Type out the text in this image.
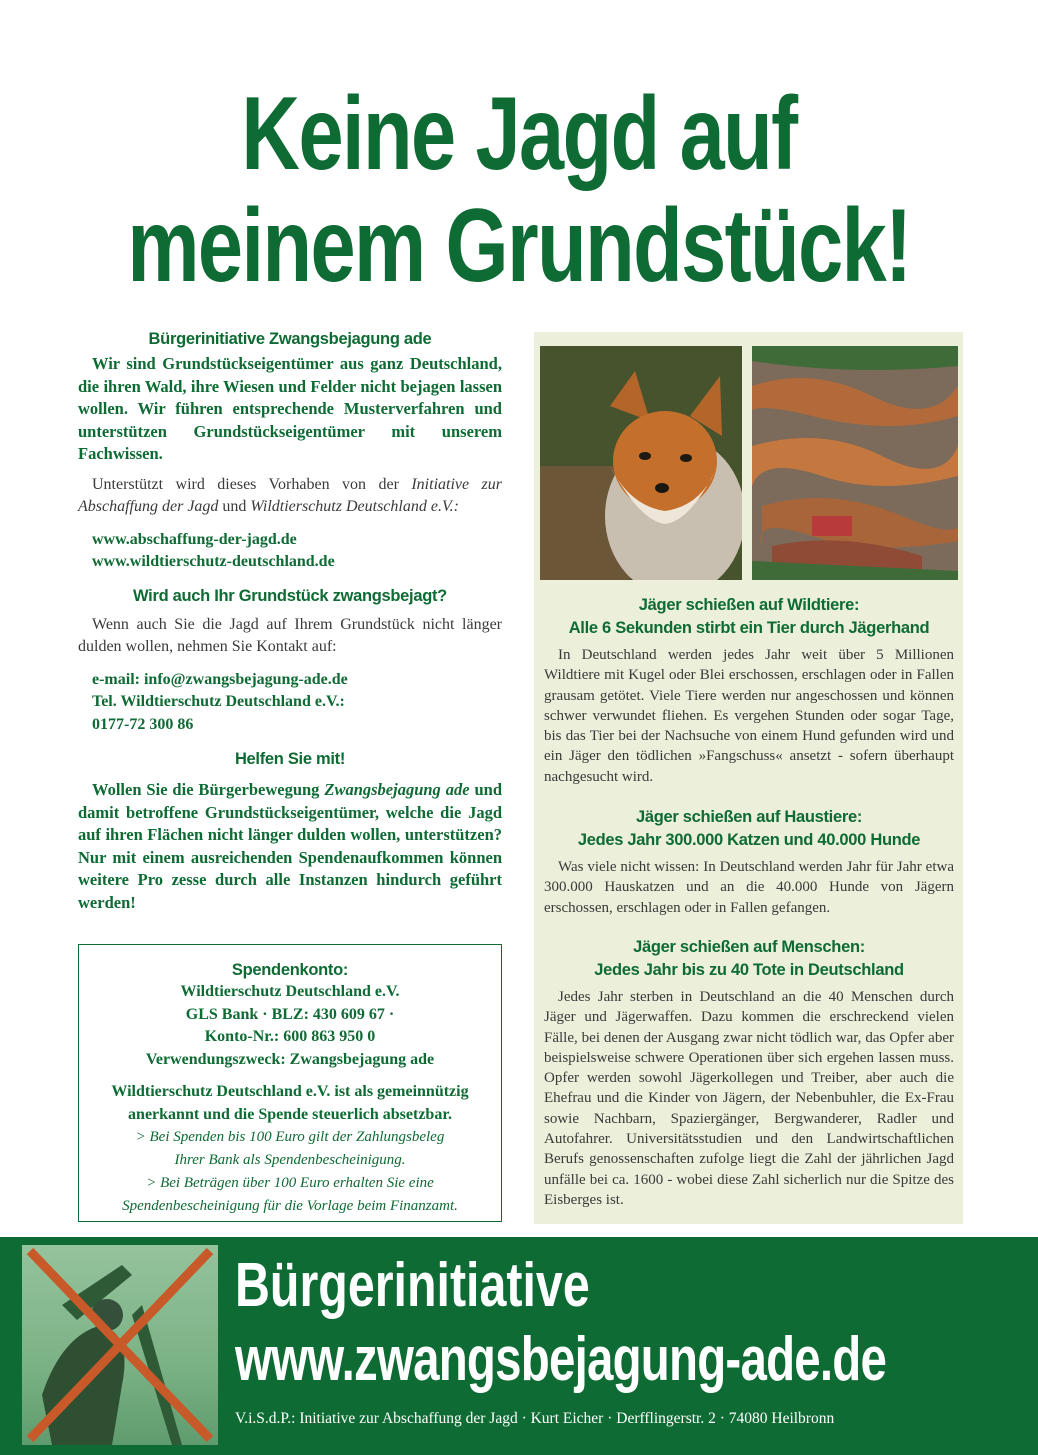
Keine Jagd auf
meinem Grundstück!
Bürgerinitiative Zwangsbejagung ade
Wir sind Grundstückseigentümer aus ganz Deutschland, die ihren Wald, ihre Wiesen und Felder nicht bejagen lassen wollen. Wir führen entsprechende Musterverfahren und unterstützen Grundstückseigentümer mit unserem Fachwissen.
Unterstützt wird dieses Vorhaben von der Initiative zur Abschaffung der Jagd und Wildtierschutz Deutschland e.V.:
www.abschaffung-der-jagd.de
www.wildtierschutz-deutschland.de
Wird auch Ihr Grundstück zwangsbejagt?
Wenn auch Sie die Jagd auf Ihrem Grundstück nicht länger dulden wollen, nehmen Sie Kontakt auf:
e-mail: info@zwangsbejagung-ade.de
Tel. Wildtierschutz Deutschland e.V.:
0177-72 300 86
Helfen Sie mit!
Wollen Sie die Bürgerbewegung Zwangsbejagung ade und damit betroffene Grundstückseigentümer, welche die Jagd auf ihren Flächen nicht länger dulden wollen, unterstützen? Nur mit einem ausreichenden Spendenaufkommen können weitere Pro zesse durch alle Instanzen hindurch geführt werden!
Spendenkonto:
Wildtierschutz Deutschland e.V.
GLS Bank · BLZ: 430 609 67 ·
Konto-Nr.: 600 863 950 0
Verwendungszweck: Zwangsbejagung ade
Wildtierschutz Deutschland e.V. ist als gemeinnützig
anerkannt und die Spende steuerlich absetzbar.
> Bei Spenden bis 100 Euro gilt der Zahlungsbeleg
Ihrer Bank als Spendenbescheinigung.
> Bei Beträgen über 100 Euro erhalten Sie eine
Spendenbescheinigung für die Vorlage beim Finanzamt.
Jäger schießen auf Wildtiere:
Alle 6 Sekunden stirbt ein Tier durch Jägerhand
In Deutschland werden jedes Jahr weit über 5 Millionen Wildtiere mit Kugel oder Blei erschossen, erschlagen oder in Fallen grausam getötet. Viele Tiere werden nur angeschossen und können schwer verwundet fliehen. Es vergehen Stunden oder sogar Tage, bis das Tier bei der Nachsuche von einem Hund gefunden wird und ein Jäger den tödlichen »Fangschuss« ansetzt - sofern überhaupt nachgesucht wird.
Jäger schießen auf Haustiere:
Jedes Jahr 300.000 Katzen und 40.000 Hunde
Was viele nicht wissen: In Deutschland werden Jahr für Jahr etwa 300.000 Hauskatzen und an die 40.000 Hunde von Jägern erschossen, erschlagen oder in Fallen gefangen.
Jäger schießen auf Menschen:
Jedes Jahr bis zu 40 Tote in Deutschland
Jedes Jahr sterben in Deutschland an die 40 Menschen durch Jäger und Jägerwaffen. Dazu kommen die erschreckend vielen Fälle, bei denen der Ausgang zwar nicht tödlich war, das Opfer aber beispielsweise schwere Operationen über sich ergehen lassen muss. Opfer werden sowohl Jägerkollegen und Treiber, aber auch die Ehefrau und die Kinder von Jägern, der Nebenbuhler, die Ex-Frau sowie Nachbarn, Spaziergänger, Bergwanderer, Radler und Autofahrer. Universitätsstudien und den Landwirtschaftlichen Berufs genossenschaften zufolge liegt die Zahl der jährlichen Jagd unfälle bei ca. 1600 - wobei diese Zahl sicherlich nur die Spitze des Eisberges ist.
Bürgerinitiative
www.zwangsbejagung-ade.de
V.i.S.d.P.: Initiative zur Abschaffung der Jagd · Kurt Eicher · Derfflingerstr. 2 · 74080 Heilbronn
